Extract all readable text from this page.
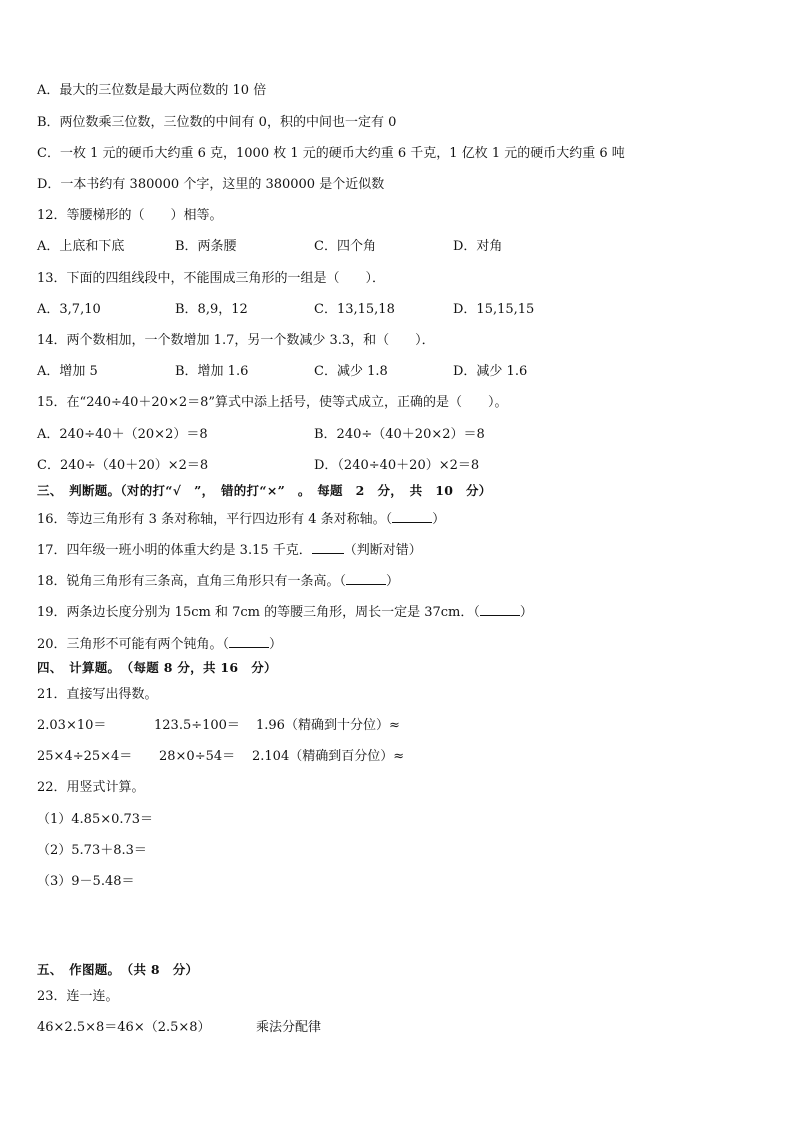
A．最大的三位数是最大两位数的 10 倍
B．两位数乘三位数，三位数的中间有 0，积的中间也一定有 0
C．一枚 1 元的硬币大约重 6 克，1000 枚 1 元的硬币大约重 6 千克，1 亿枚 1 元的硬币大约重 6 吨
D．一本书约有 380000 个字，这里的 380000 是个近似数
12．等腰梯形的（　　）相等。
A．上底和下底	B．两条腰	C．四个角	D．对角
13．下面的四组线段中，不能围成三角形的一组是（　　）．
A．3,7,10	B．8,9，12	C．13,15,18	D．15,15,15
14．两个数相加，一个数增加 1.7，另一个数减少 3.3，和（　　）．
A．增加 5	B．增加 1.6	C．减少 1.8	D．减少 1.6
15．在“240÷40＋20×2＝8”算式中添上括号，使等式成立，正确的是（　　）。
A．240÷40＋（20×2）＝8	B．240÷（40＋20×2）＝8
C．240÷（40＋20）×2＝8	D．（240÷40＋20）×2＝8
三、　判断题。（对的打“√　”，　错的打“×”　。　每题　2　分，　共　10　分）
16．等边三角形有 3 条对称轴，平行四边形有 4 条对称轴。（	）
17．四年级一班小明的体重大约是 3.15 千克． （判断对错）
18．锐角三角形有三条高，直角三角形只有一条高。（	）
19．两条边长度分别为 15cm 和 7cm 的等腰三角形，周长一定是 37cm．（	）
20．三角形不可能有两个钝角。（	）
四、　计算题。　（每题 8 分，共 16　分）
21．直接写出得数。
2.03×10＝	123.5÷100＝ 1.96（精确到十分位）≈
25×4÷25×4＝ 28×0÷54＝ 2.104（精确到百分位）≈
22．用竖式计算。
（1）4.85×0.73＝
（2）5.73＋8.3＝
（3）9－5.48＝
五、　作图题。　（共 8　分）
23．连一连。
46×2.5×8＝46×（2.5×8）	乘法分配律
